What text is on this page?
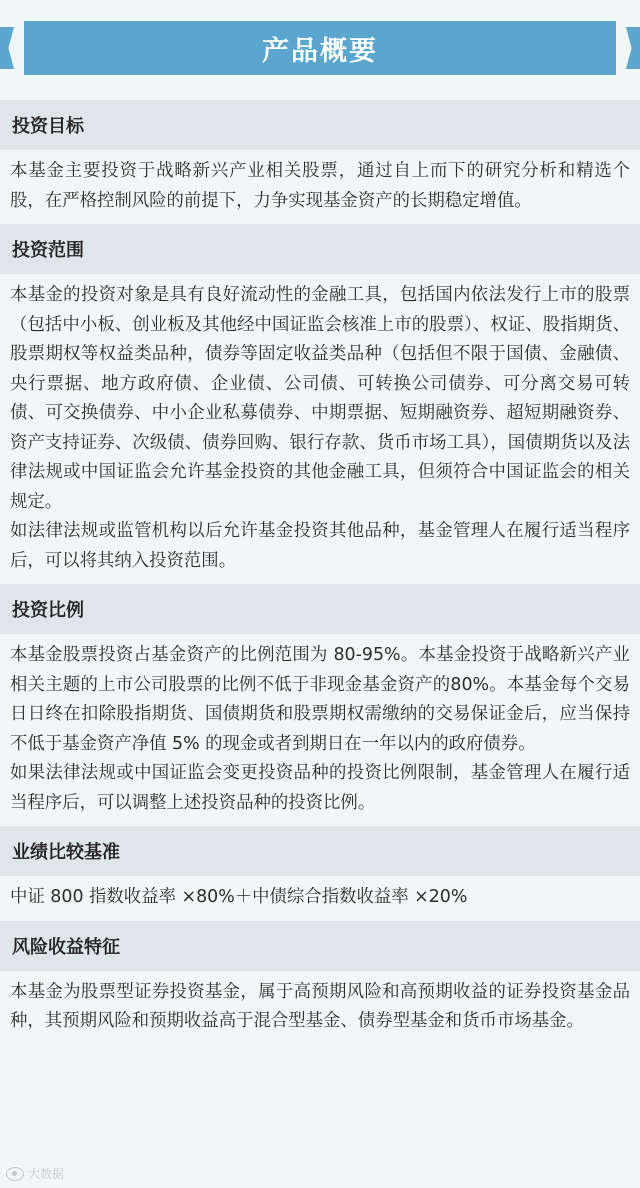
产品概要
投资目标

本基金主要投资于战略新兴产业相关股票，通过自上而下的研究分析和精选个股，在严格控制风险的前提下，力争实现基金资产的长期稳定增值。

投资范围

本基金的投资对象是具有良好流动性的金融工具，包括国内依法发行上市的股票（包括中小板、创业板及其他经中国证监会核准上市的股票）、权证、股指期货、股票期权等权益类品种，债券等固定收益类品种（包括但不限于国债、金融债、央行票据、地方政府债、企业债、公司债、可转换公司债券、可分离交易可转债、可交换债券、中小企业私募债券、中期票据、短期融资券、超短期融资券、资产支持证券、次级债、债券回购、银行存款、货币市场工具），国债期货以及法律法规或中国证监会允许基金投资的其他金融工具，但须符合中国证监会的相关规定。

如法律法规或监管机构以后允许基金投资其他品种，基金管理人在履行适当程序后，可以将其纳入投资范围。

投资比例

本基金股票投资占基金资产的比例范围为 80-95%。本基金投资于战略新兴产业相关主题的上市公司股票的比例不低于非现金基金资产的80%。本基金每个交易日日终在扣除股指期货、国债期货和股票期权需缴纳的交易保证金后，应当保持不低于基金资产净值 5% 的现金或者到期日在一年以内的政府债券。

如果法律法规或中国证监会变更投资品种的投资比例限制，基金管理人在履行适当程序后，可以调整上述投资品种的投资比例。

业绩比较基准

中证 800 指数收益率 ×80%＋中债综合指数收益率 ×20%

风险收益特征

本基金为股票型证券投资基金，属于高预期风险和高预期收益的证券投资基金品种，其预期风险和预期收益高于混合型基金、债券型基金和货币市场基金。

大数据
